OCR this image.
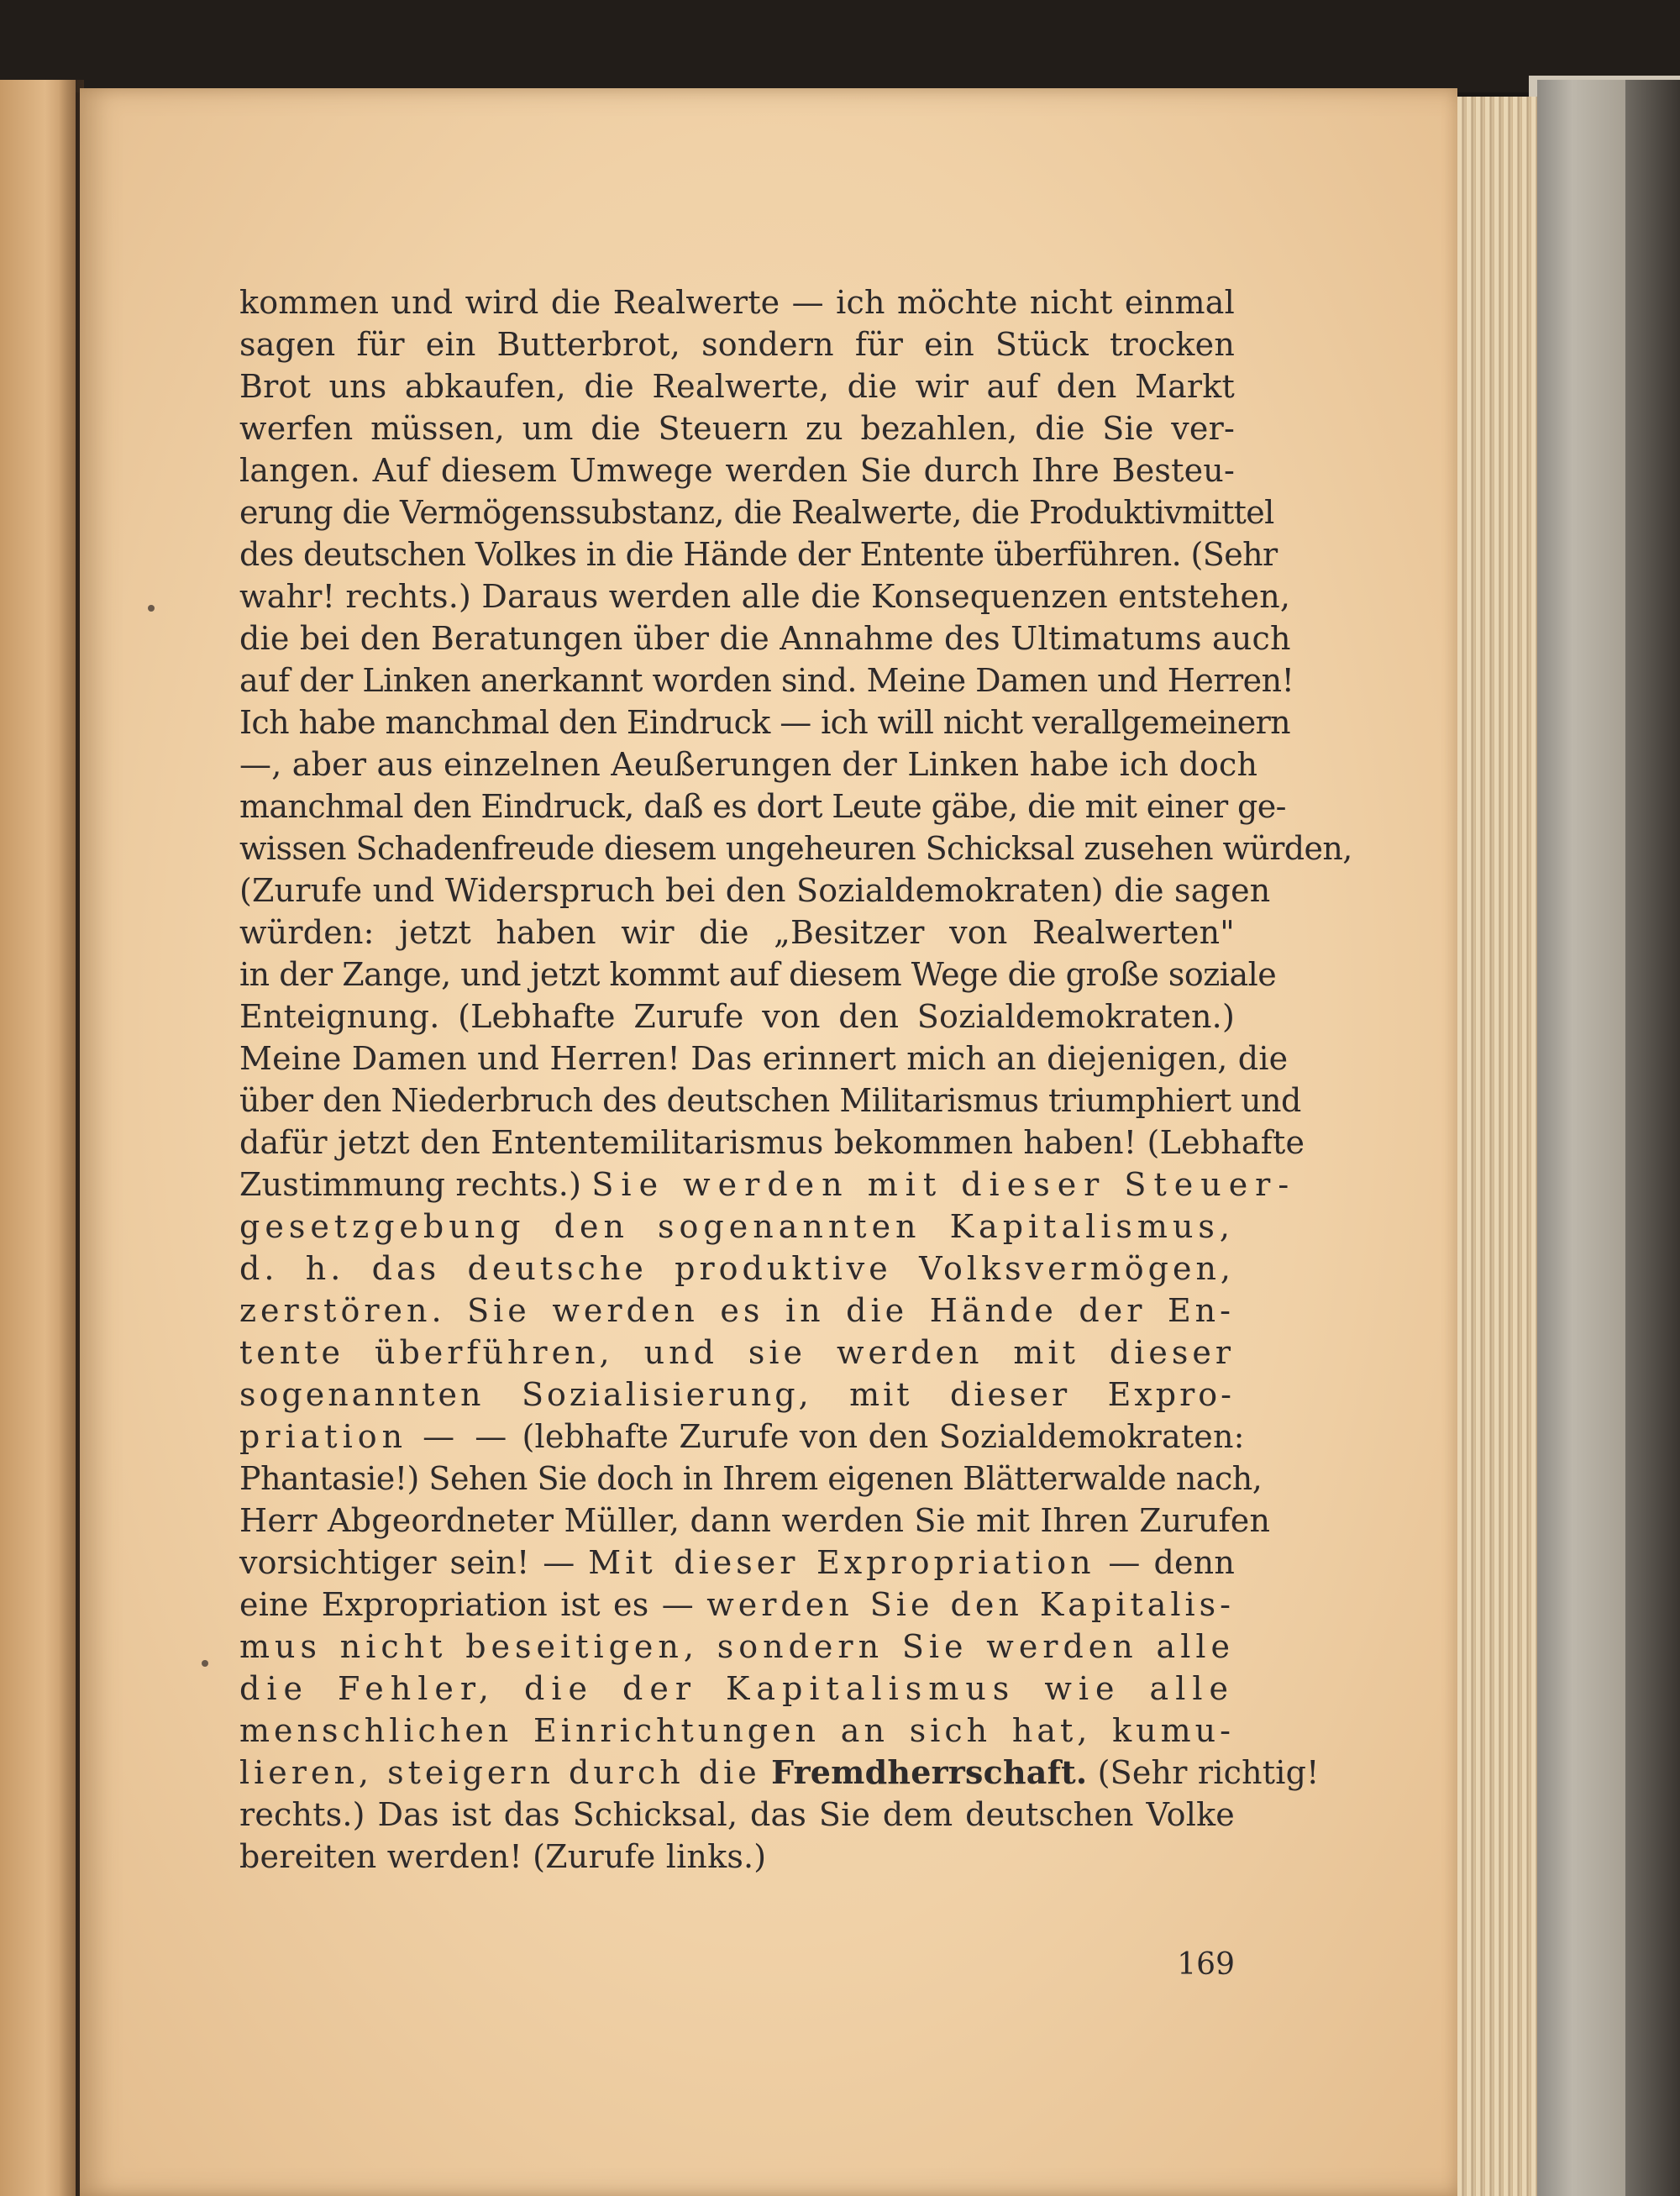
kommen und wird die Realwerte — ich möchte nicht einmal
sagen für ein Butterbrot, sondern für ein Stück trocken
Brot uns abkaufen, die Realwerte, die wir auf den Markt
werfen müssen, um die Steuern zu bezahlen, die Sie ver-
langen. Auf diesem Umwege werden Sie durch Ihre Besteu-
erung die Vermögenssubstanz, die Realwerte, die Produktivmittel
des deutschen Volkes in die Hände der Entente überführen. (Sehr
wahr! rechts.) Daraus werden alle die Konsequenzen entstehen,
die bei den Beratungen über die Annahme des Ultimatums auch
auf der Linken anerkannt worden sind. Meine Damen und Herren!
Ich habe manchmal den Eindruck — ich will nicht verallgemeinern
—, aber aus einzelnen Aeußerungen der Linken habe ich doch
manchmal den Eindruck, daß es dort Leute gäbe, die mit einer ge-
wissen Schadenfreude diesem ungeheuren Schicksal zusehen würden,
(Zurufe und Widerspruch bei den Sozialdemokraten) die sagen
würden: jetzt haben wir die „Besitzer von Realwerten"
in der Zange, und jetzt kommt auf diesem Wege die große soziale
Enteignung. (Lebhafte Zurufe von den Sozialdemokraten.)
Meine Damen und Herren! Das erinnert mich an diejenigen, die
über den Niederbruch des deutschen Militarismus triumphiert und
dafür jetzt den Ententemilitarismus bekommen haben! (Lebhafte
Zustimmung rechts.) Sie werden mit dieser Steuer-
gesetzgebung den sogenannten Kapitalismus,
d. h. das deutsche produktive Volksvermögen,
zerstören. Sie werden es in die Hände der En-
tente überführen, und sie werden mit dieser
sogenannten Sozialisierung, mit dieser Expro-
priation — — (lebhafte Zurufe von den Sozialdemokraten:
Phantasie!) Sehen Sie doch in Ihrem eigenen Blätterwalde nach,
Herr Abgeordneter Müller, dann werden Sie mit Ihren Zurufen
vorsichtiger sein! — Mit dieser Expropriation — denn
eine Expropriation ist es — werden Sie den Kapitalis-
mus nicht beseitigen, sondern Sie werden alle
die Fehler, die der Kapitalismus wie alle
menschlichen Einrichtungen an sich hat, kumu-
lieren, steigern durch die Fremdherrschaft. (Sehr richtig!
rechts.) Das ist das Schicksal, das Sie dem deutschen Volke
bereiten werden! (Zurufe links.)
169
